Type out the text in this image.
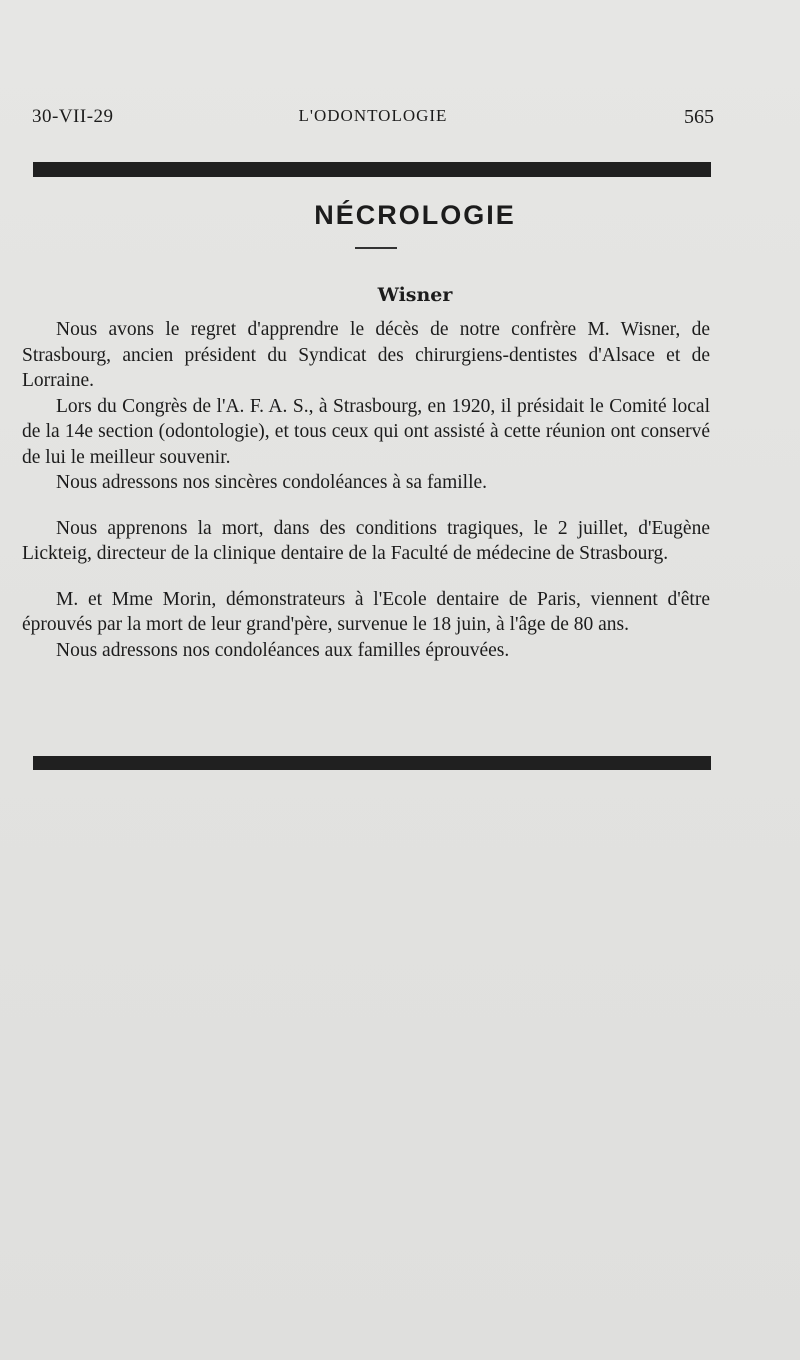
30-VII-29	L'ODONTOLOGIE	565
NÉCROLOGIE
Wisner

Nous avons le regret d'apprendre le décès de notre confrère M. Wisner, de Strasbourg, ancien président du Syndicat des chirurgiens-dentistes d'Alsace et de Lorraine.

Lors du Congrès de l'A. F. A. S., à Strasbourg, en 1920, il présidait le Comité local de la 14e section (odontologie), et tous ceux qui ont assisté à cette réunion ont conservé de lui le meilleur souvenir.

Nous adressons nos sincères condoléances à sa famille.

Nous apprenons la mort, dans des conditions tragiques, le 2 juillet, d'Eugène Lickteig, directeur de la clinique dentaire de la Faculté de médecine de Strasbourg.

M. et Mme Morin, démonstrateurs à l'Ecole dentaire de Paris, viennent d'être éprouvés par la mort de leur grand'père, survenue le 18 juin, à l'âge de 80 ans.

Nous adressons nos condoléances aux familles éprouvées.
